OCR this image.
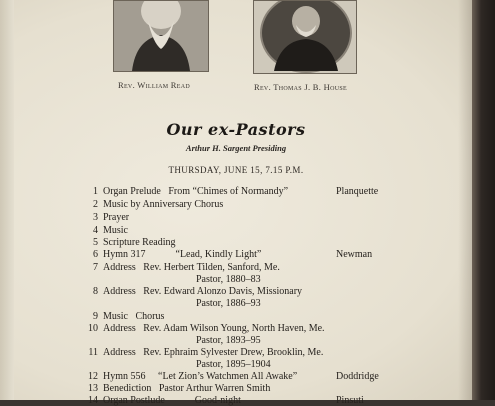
Rev. William Read	Rev. Thomas J. B. House
Our ex-Pastors
Arthur H. Sargent Presiding
THURSDAY, JUNE 15, 7.15 P.M.
1 Organ Prelude   From “Chimes of Normandy”	Planquette
2 Music by Anniversary Chorus
3 Prayer
4 Music
5 Scripture Reading
6 Hymn 317            “Lead, Kindly Light”	Newman
7 Address   Rev. Herbert Tilden, Sanford, Me.
Pastor, 1880–83
8 Address   Rev. Edward Alonzo Davis, Missionary
Pastor, 1886–93
9 Music   Chorus
10 Address   Rev. Adam Wilson Young, North Haven, Me.
Pastor, 1893–95
11 Address   Rev. Ephraim Sylvester Drew, Brooklin, Me.
Pastor, 1895–1904
12 Hymn 556     “Let Zion’s Watchmen All Awake”	Doddridge
13 Benediction   Pastor Arthur Warren Smith
14 Organ Postlude            Good-night	Pinsuti
